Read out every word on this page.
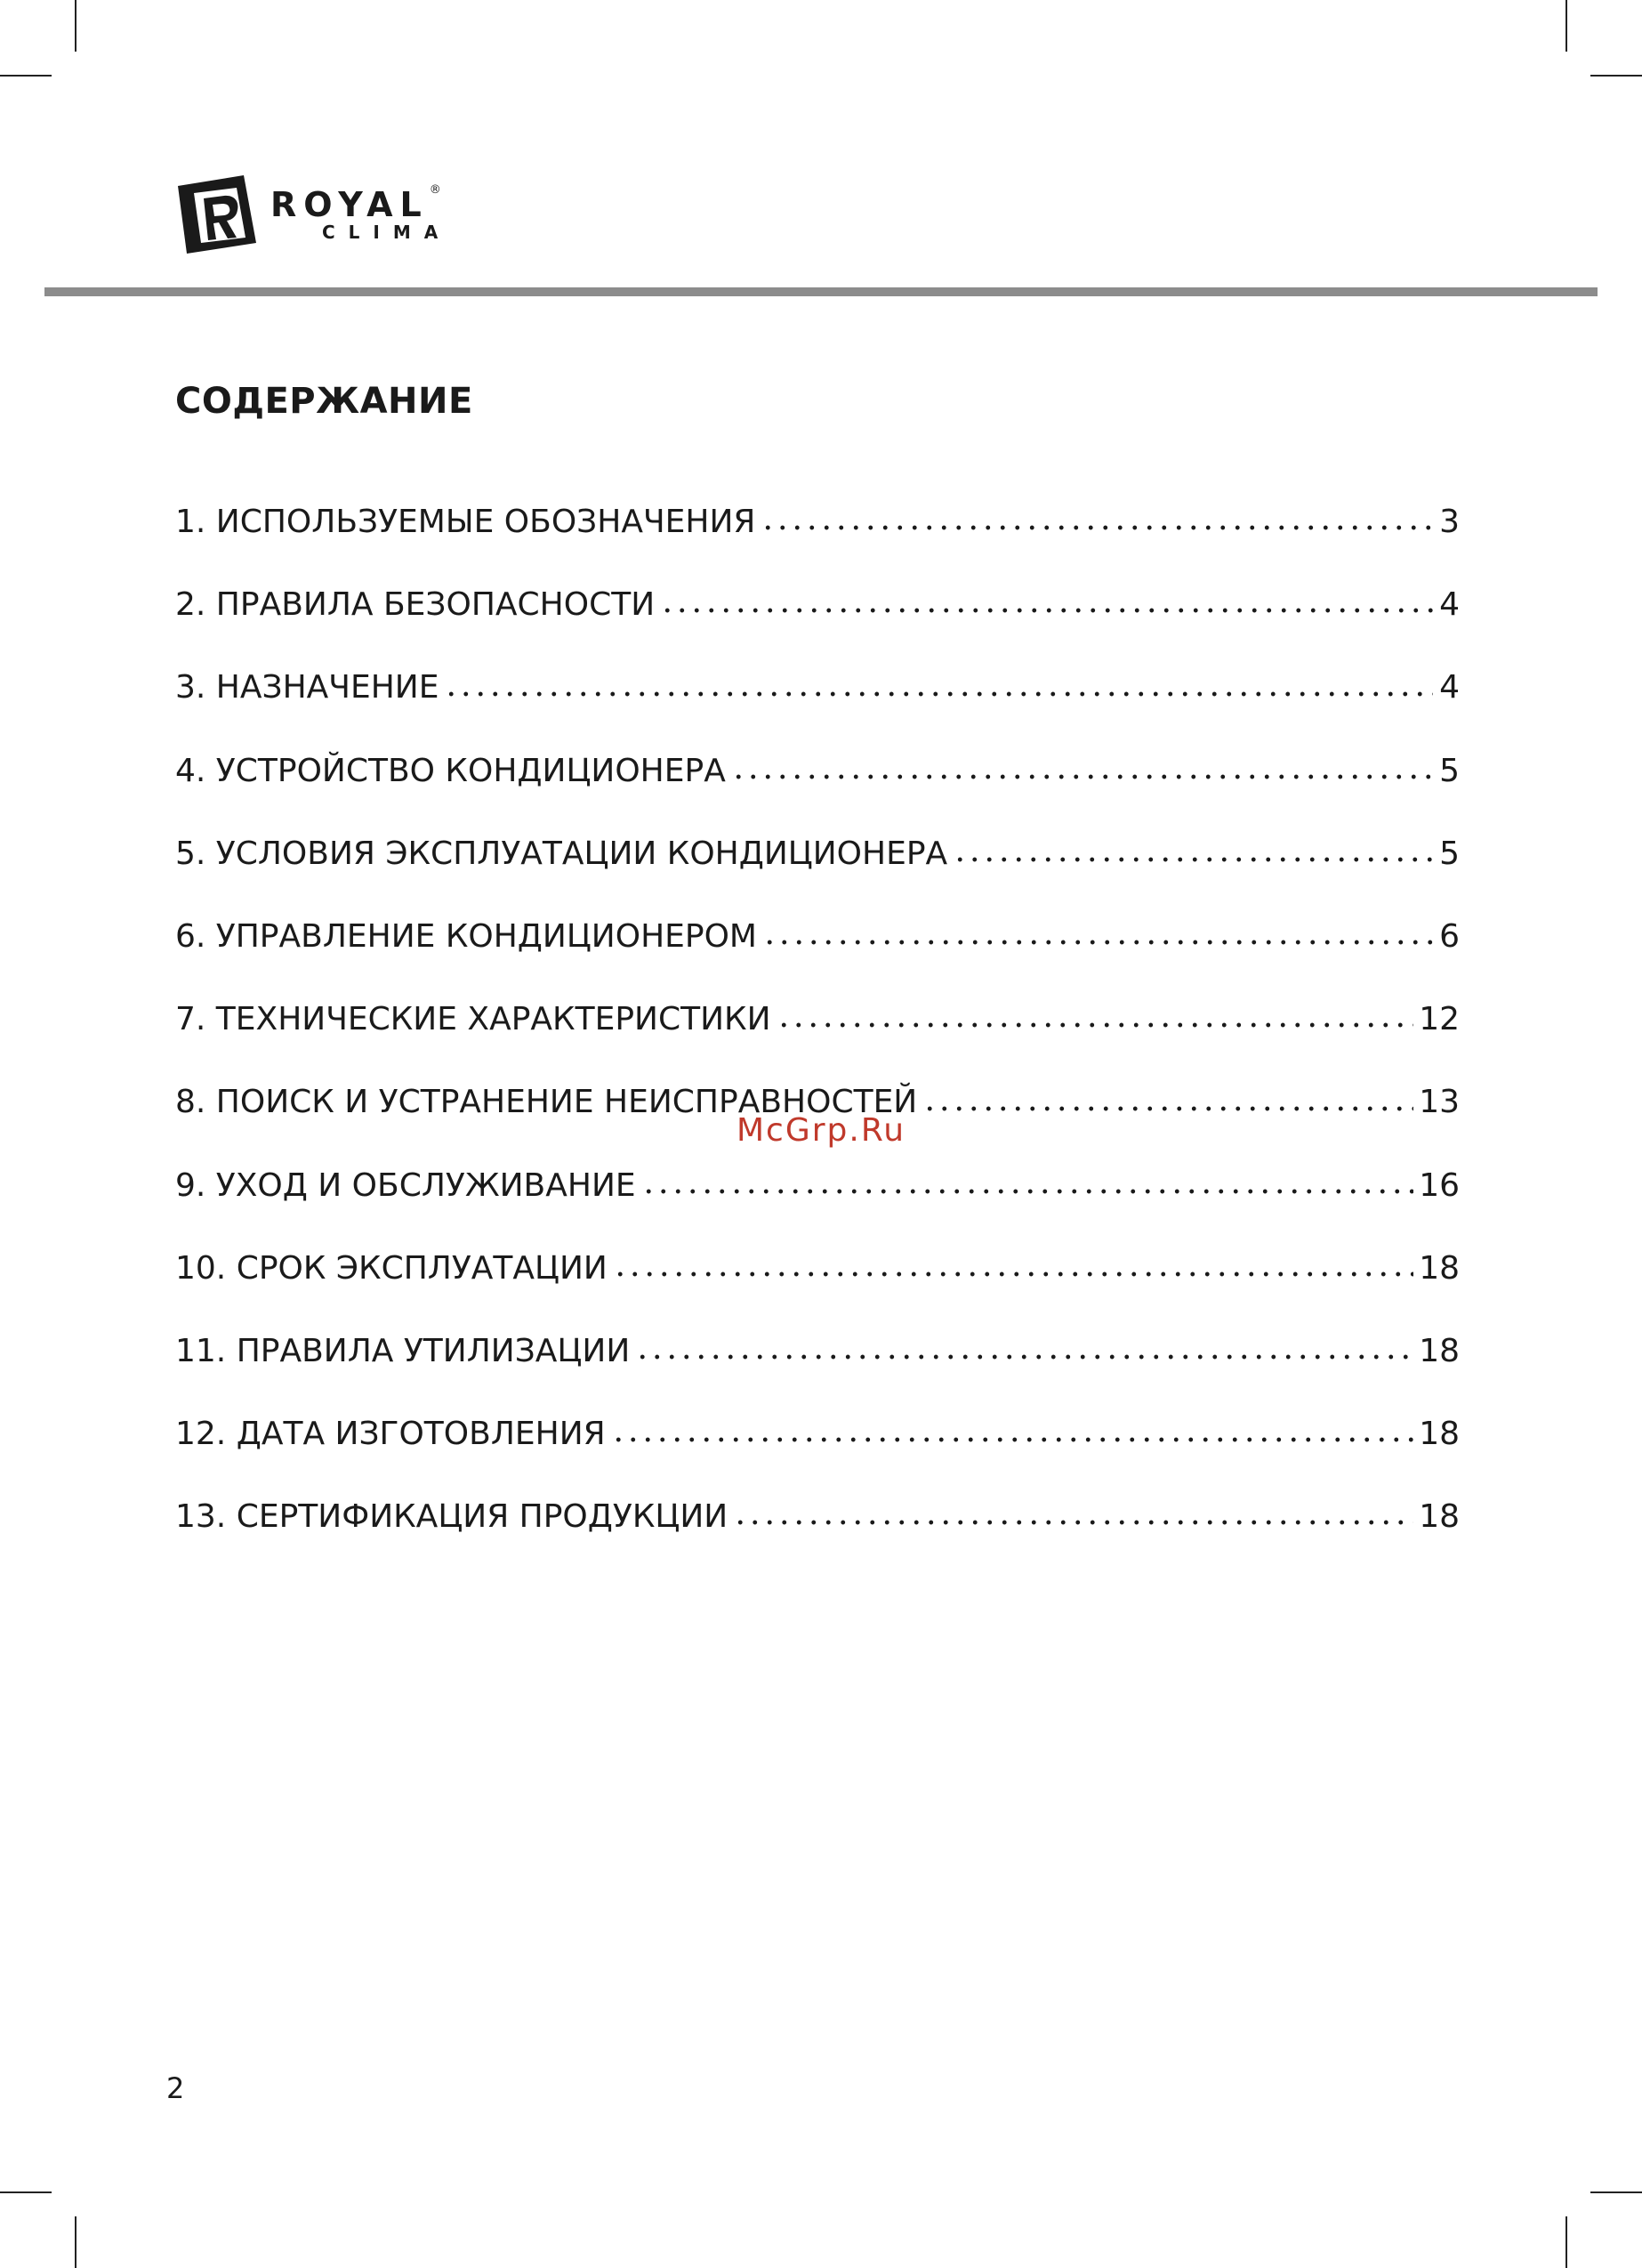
ROYAL®
CLIMA
СОДЕРЖАНИЕ
1. ИСПОЛЬЗУЕМЫЕ ОБОЗНАЧЕНИЯ	3
2. ПРАВИЛА БЕЗОПАСНОСТИ	4
3. НАЗНАЧЕНИЕ	4
4. УСТРОЙСТВО КОНДИЦИОНЕРА	5
5. УСЛОВИЯ ЭКСПЛУАТАЦИИ КОНДИЦИОНЕРА	5
6. УПРАВЛЕНИЕ КОНДИЦИОНЕРОМ	6
7. ТЕХНИЧЕСКИЕ ХАРАКТЕРИСТИКИ	12
8. ПОИСК И УСТРАНЕНИЕ НЕИСПРАВНОСТЕЙ	13
9. УХОД И ОБСЛУЖИВАНИЕ	16
10. СРОК ЭКСПЛУАТАЦИИ	18
11. ПРАВИЛА УТИЛИЗАЦИИ	18
12. ДАТА ИЗГОТОВЛЕНИЯ	18
13. СЕРТИФИКАЦИЯ ПРОДУКЦИИ	18
McGrp.Ru
2
